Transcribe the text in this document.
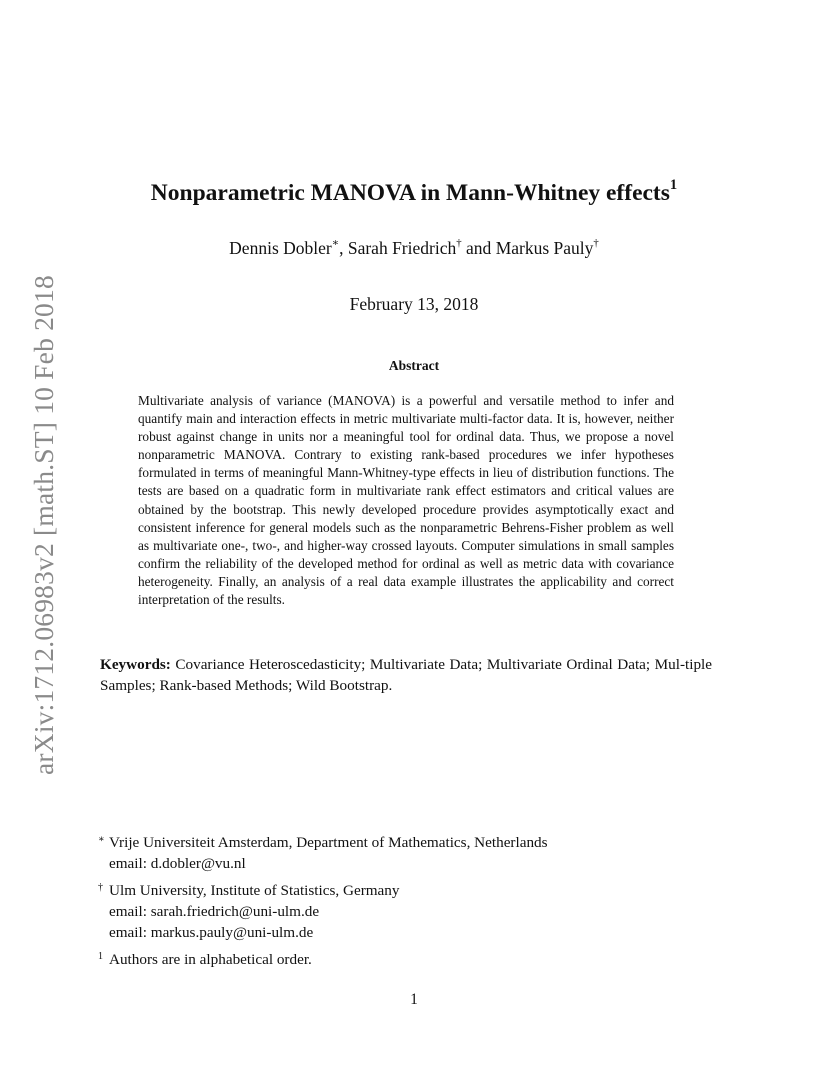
arXiv:1712.06983v2 [math.ST] 10 Feb 2018
Nonparametric MANOVA in Mann-Whitney effects$^1$
Dennis Dobler∗, Sarah Friedrich† and Markus Pauly†
February 13, 2018
Abstract
Multivariate analysis of variance (MANOVA) is a powerful and versatile method to infer and quantify main and interaction effects in metric multivariate multi-factor data. It is, however, neither robust against change in units nor a meaningful tool for ordinal data. Thus, we propose a novel nonparametric MANOVA. Contrary to existing rank-based procedures we infer hypotheses formulated in terms of meaningful Mann-Whitney-type effects in lieu of distribution functions. The tests are based on a quadratic form in multivariate rank effect estimators and critical values are obtained by the bootstrap. This newly developed procedure provides asymptotically exact and consistent inference for general models such as the nonparametric Behrens-Fisher problem as well as multivariate one-, two-, and higher-way crossed layouts. Computer simulations in small samples confirm the reliability of the developed method for ordinal as well as metric data with covariance heterogeneity. Finally, an analysis of a real data example illustrates the applicability and correct interpretation of the results.
Keywords: Covariance Heteroscedasticity; Multivariate Data; Multivariate Ordinal Data; Mul-tiple Samples; Rank-based Methods; Wild Bootstrap.
∗ Vrije Universiteit Amsterdam, Department of Mathematics, Netherlands
email: d.dobler@vu.nl
† Ulm University, Institute of Statistics, Germany
email: sarah.friedrich@uni-ulm.de
email: markus.pauly@uni-ulm.de
1 Authors are in alphabetical order.
1
